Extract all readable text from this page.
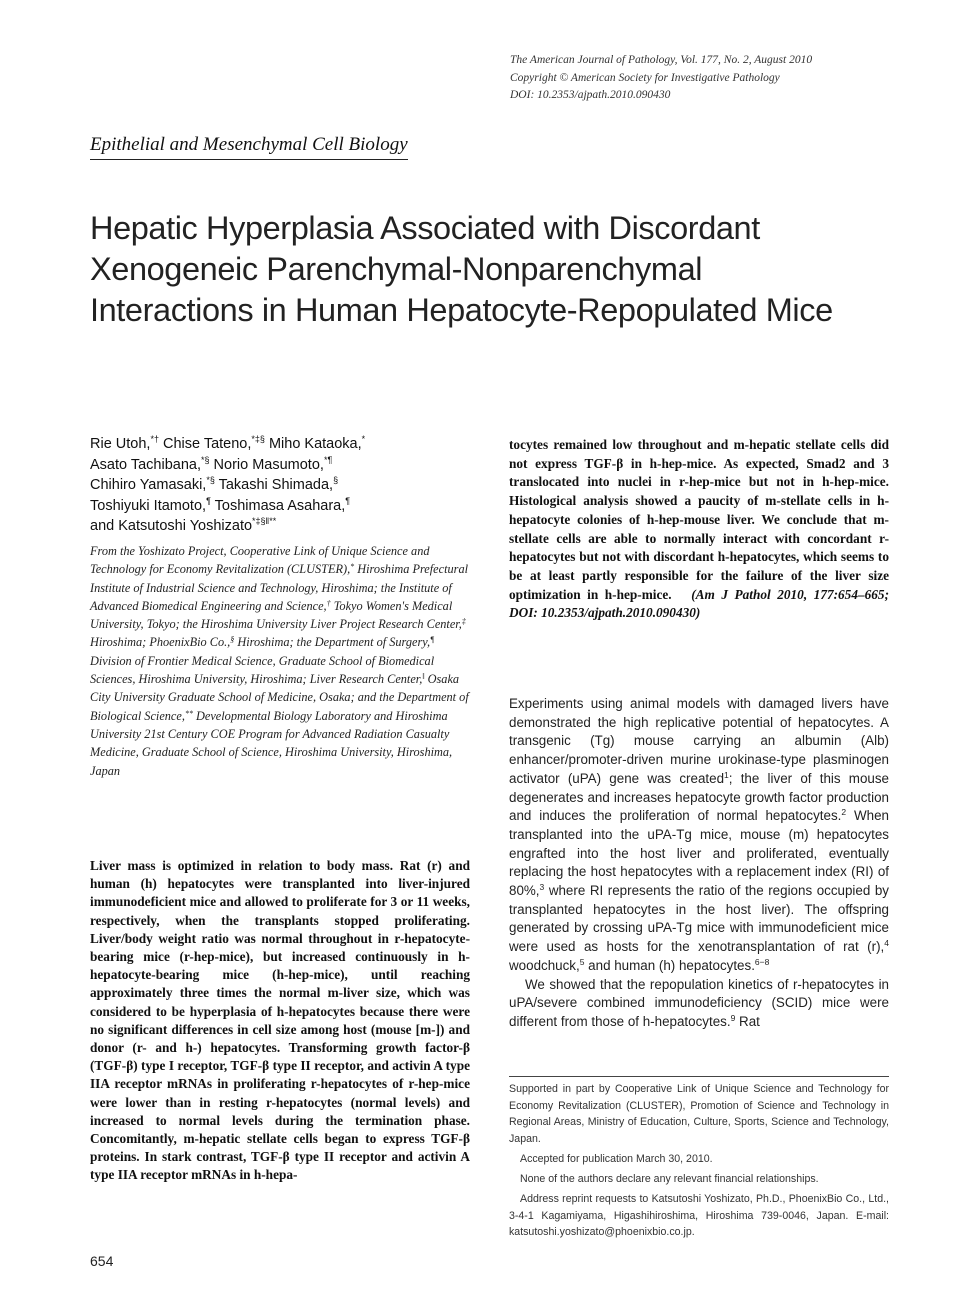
The American Journal of Pathology, Vol. 177, No. 2, August 2010
Copyright © American Society for Investigative Pathology
DOI: 10.2353/ajpath.2010.090430
Epithelial and Mesenchymal Cell Biology
Hepatic Hyperplasia Associated with Discordant
Xenogeneic Parenchymal-Nonparenchymal
Interactions in Human Hepatocyte-Repopulated Mice
Rie Utoh,*† Chise Tateno,*‡§ Miho Kataoka,*
Asato Tachibana,*§ Norio Masumoto,*¶
Chihiro Yamasaki,*§ Takashi Shimada,§
Toshiyuki Itamoto,¶ Toshimasa Asahara,¶
and Katsutoshi Yoshizato*‡§‖**
From the Yoshizato Project, Cooperative Link of Unique Science and Technology for Economy Revitalization (CLUSTER),* Hiroshima Prefectural Institute of Industrial Science and Technology, Hiroshima; the Institute of Advanced Biomedical Engineering and Science,† Tokyo Women's Medical University, Tokyo; the Hiroshima University Liver Project Research Center,‡ Hiroshima; PhoenixBio Co.,§ Hiroshima; the Department of Surgery,¶ Division of Frontier Medical Science, Graduate School of Biomedical Sciences, Hiroshima University, Hiroshima; Liver Research Center,‖ Osaka City University Graduate School of Medicine, Osaka; and the Department of Biological Science,** Developmental Biology Laboratory and Hiroshima University 21st Century COE Program for Advanced Radiation Casualty Medicine, Graduate School of Science, Hiroshima University, Hiroshima, Japan
Liver mass is optimized in relation to body mass. Rat (r) and human (h) hepatocytes were transplanted into liver-injured immunodeficient mice and allowed to proliferate for 3 or 11 weeks, respectively, when the transplants stopped proliferating. Liver/body weight ratio was normal throughout in r-hepatocyte-bearing mice (r-hep-mice), but increased continuously in h-hepatocyte-bearing mice (h-hep-mice), until reaching approximately three times the normal m-liver size, which was considered to be hyperplasia of h-hepatocytes because there were no significant differences in cell size among host (mouse [m-]) and donor (r- and h-) hepatocytes. Transforming growth factor-β (TGF-β) type I receptor, TGF-β type II receptor, and activin A type IIA receptor mRNAs in proliferating r-hepatocytes of r-hep-mice were lower than in resting r-hepatocytes (normal levels) and increased to normal levels during the termination phase. Concomitantly, m-hepatic stellate cells began to express TGF-β proteins. In stark contrast, TGF-β type II receptor and activin A type IIA receptor mRNAs in h-hepa-
tocytes remained low throughout and m-hepatic stellate cells did not express TGF-β in h-hep-mice. As expected, Smad2 and 3 translocated into nuclei in r-hep-mice but not in h-hep-mice. Histological analysis showed a paucity of m-stellate cells in h-hepatocyte colonies of h-hep-mouse liver. We conclude that m-stellate cells are able to normally interact with concordant r-hepatocytes but not with discordant h-hepatocytes, which seems to be at least partly responsible for the failure of the liver size optimization in h-hep-mice. (Am J Pathol 2010, 177:654–665; DOI: 10.2353/ajpath.2010.090430)

Experiments using animal models with damaged livers have demonstrated the high replicative potential of hepatocytes. A transgenic (Tg) mouse carrying an albumin (Alb) enhancer/promoter-driven murine urokinase-type plasminogen activator (uPA) gene was created$^1$; the liver of this mouse degenerates and increases hepatocyte growth factor production and induces the proliferation of normal hepatocytes.$^2$ When transplanted into the uPA-Tg mice, mouse (m) hepatocytes engrafted into the host liver and proliferated, eventually replacing the host hepatocytes with a replacement index (RI) of 80%,$^3$ where RI represents the ratio of the regions occupied by transplanted hepatocytes in the host liver). The offspring generated by crossing uPA-Tg mice with immunodeficient mice were used as hosts for the xenotransplantation of rat (r),$^4$ woodchuck,$^5$ and human (h) hepatocytes.$^{6-8}$

We showed that the repopulation kinetics of r-hepatocytes in uPA/severe combined immunodeficiency (SCID) mice were different from those of h-hepatocytes.$^9$ Rat

Supported in part by Cooperative Link of Unique Science and Technology for Economy Revitalization (CLUSTER), Promotion of Science and Technology in Regional Areas, Ministry of Education, Culture, Sports, Science and Technology, Japan.

Accepted for publication March 30, 2010.

None of the authors declare any relevant financial relationships.

Address reprint requests to Katsutoshi Yoshizato, Ph.D., PhoenixBio Co., Ltd., 3-4-1 Kagamiyama, Higashihiroshima, Hiroshima 739-0046, Japan. E-mail: katsutoshi.yoshizato@phoenixbio.co.jp.

654
